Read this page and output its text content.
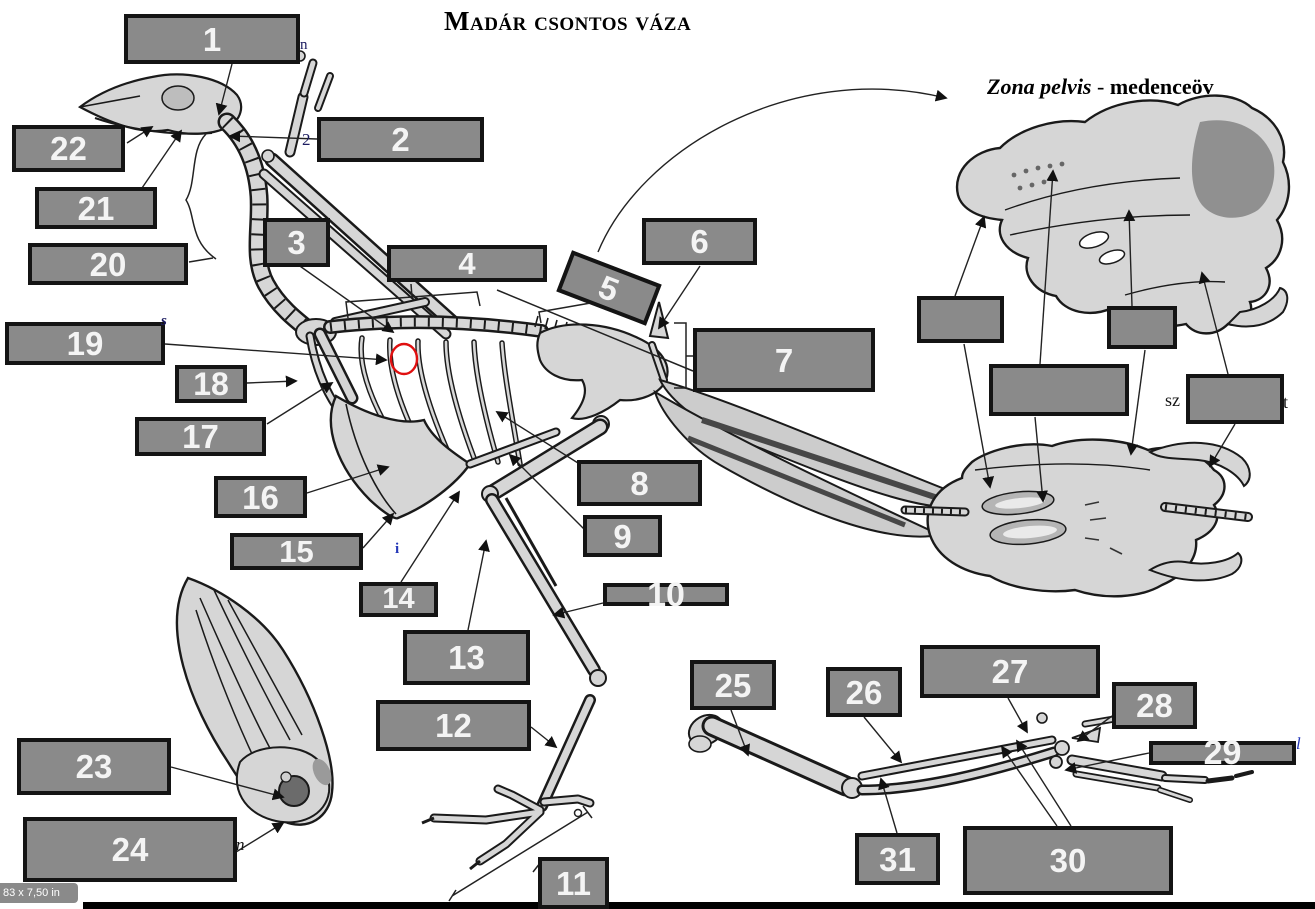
Madár csontos váza
Zona pelvis - medenceöv
1
2
3
4
5
6
7
8
9
10
11
12
13
14
15
16
17
18
19
20
21
22
23
24
25	26
27
28
29
30
31
n
2
s
i
sz	t
l
n
83 x 7,50 in
